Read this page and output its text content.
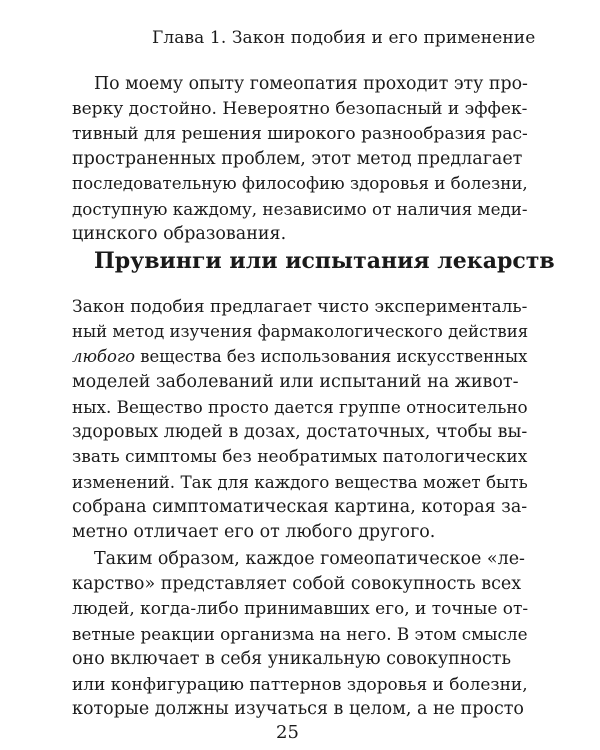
Глава 1. Закон подобия и его применение
По моему опыту гомеопатия проходит эту про-
верку достойно. Невероятно безопасный и эффек-
тивный для решения широкого разнообразия рас-
пространенных проблем, этот метод предлагает
последовательную философию здоровья и болезни,
доступную каждому, независимо от наличия меди-
цинского образования.
Прувинги или испытания лекарств
Закон подобия предлагает чисто эксперименталь-
ный метод изучения фармакологического действия
любого вещества без использования искусственных
моделей заболеваний или испытаний на живот-
ных. Вещество просто дается группе относительно
здоровых людей в дозах, достаточных, чтобы вы-
звать симптомы без необратимых патологических
изменений. Так для каждого вещества может быть
собрана симптоматическая картина, которая за-
метно отличает его от любого другого.
Таким образом, каждое гомеопатическое «ле-
карство» представляет собой совокупность всех
людей, когда-либо принимавших его, и точные от-
ветные реакции организма на него. В этом смысле
оно включает в себя уникальную совокупность
или конфигурацию паттернов здоровья и болезни,
которые должны изучаться в целом, а не просто
25
